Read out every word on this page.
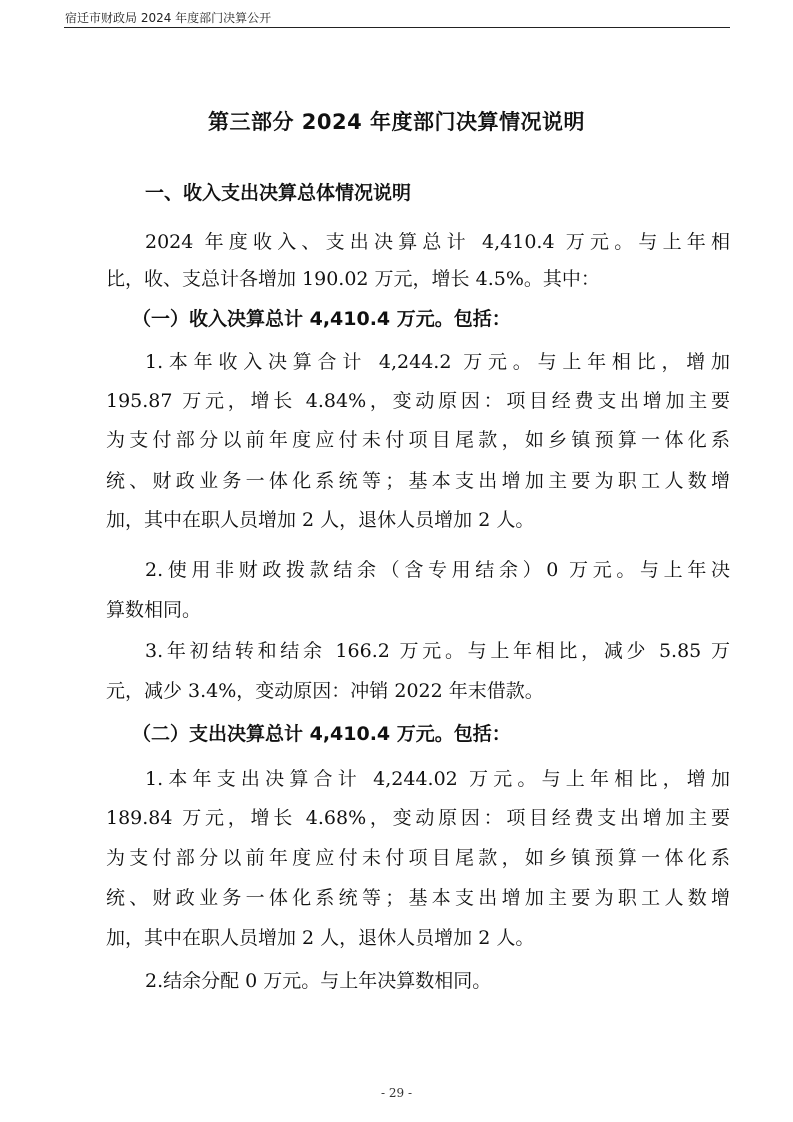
宿迁市财政局 2024 年度部门决算公开
第三部分 2024 年度部门决算情况说明
一、收入支出决算总体情况说明
2024 年度收入、支出决算总计 4,410.4 万元。与上年相
比，收、支总计各增加 190.02 万元，增长 4.5%。其中：
（一）收入决算总计 4,410.4 万元。包括：
1.本年收入决算合计 4,244.2 万元。与上年相比，增加
195.87 万元，增长 4.84%，变动原因：项目经费支出增加主要
为支付部分以前年度应付未付项目尾款，如乡镇预算一体化系
统、财政业务一体化系统等；基本支出增加主要为职工人数增
加，其中在职人员增加 2 人，退休人员增加 2 人。
2.使用非财政拨款结余（含专用结余）0 万元。与上年决
算数相同。
3.年初结转和结余 166.2 万元。与上年相比，减少 5.85 万
元，减少 3.4%，变动原因：冲销 2022 年末借款。
（二）支出决算总计 4,410.4 万元。包括：
1.本年支出决算合计 4,244.02 万元。与上年相比，增加
189.84 万元，增长 4.68%，变动原因：项目经费支出增加主要
为支付部分以前年度应付未付项目尾款，如乡镇预算一体化系
统、财政业务一体化系统等；基本支出增加主要为职工人数增
加，其中在职人员增加 2 人，退休人员增加 2 人。
2.结余分配 0 万元。与上年决算数相同。
- 29 -
